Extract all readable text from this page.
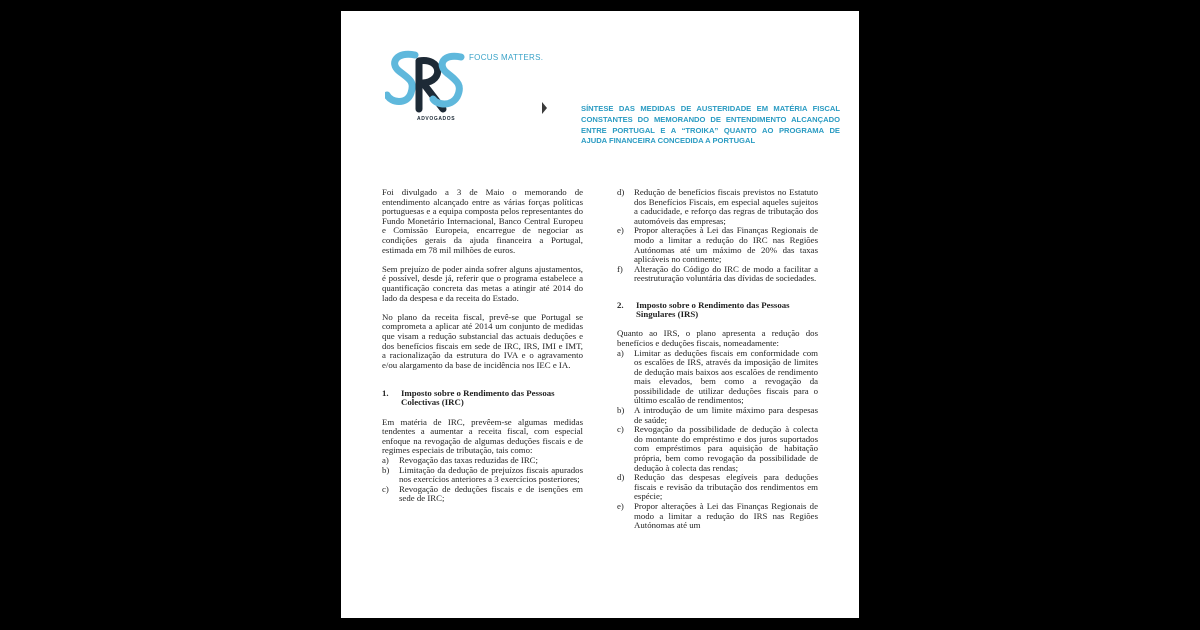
FOCUS MATTERS.
ADVOGADOS

SÍNTESE DAS MEDIDAS DE AUSTERIDADE EM MATÉRIA FISCAL CONSTANTES DO MEMORANDO DE ENTENDIMENTO ALCANÇADO ENTRE PORTUGAL E A “TROIKA” QUANTO AO PROGRAMA DE AJUDA FINANCEIRA CONCEDIDA A PORTUGAL

Foi divulgado a 3 de Maio o memorando de entendimento alcançado entre as várias forças políticas portuguesas e a equipa composta pelos representantes do Fundo Monetário Internacional, Banco Central Europeu e Comissão Europeia, encarregue de negociar as condições gerais da ajuda financeira a Portugal, estimada em 78 mil milhões de euros.

Sem prejuízo de poder ainda sofrer alguns ajustamentos, é possível, desde já, referir que o programa estabelece a quantificação concreta das metas a atingir até 2014 do lado da despesa e da receita do Estado.

No plano da receita fiscal, prevê-se que Portugal se comprometa a aplicar até 2014 um conjunto de medidas que visam a redução substancial das actuais deduções e dos benefícios fiscais em sede de IRC, IRS, IMI e IMT, a racionalização da estrutura do IVA e o agravamento e/ou alargamento da base de incidência nos IEC e IA.

1. Imposto sobre o Rendimento das Pessoas Colectivas (IRC)

Em matéria de IRC, prevêem-se algumas medidas tendentes a aumentar a receita fiscal, com especial enfoque na revogação de algumas deduções fiscais e de regimes especiais de tributação, tais como:

a)	Revogação das taxas reduzidas de IRC;
b)	Limitação da dedução de prejuízos fiscais apurados nos exercícios anteriores a 3 exercícios posteriores;
c)	Revogação de deduções fiscais e de isenções em sede de IRC;
d)	Redução de benefícios fiscais previstos no Estatuto dos Benefícios Fiscais, em especial aqueles sujeitos a caducidade, e reforço das regras de tributação dos automóveis das empresas;
e)	Propor alterações à Lei das Finanças Regionais de modo a limitar a redução do IRC nas Regiões Autónomas até um máximo de 20% das taxas aplicáveis no continente;
f)	Alteração do Código do IRC de modo a facilitar a reestruturação voluntária das dívidas de sociedades.

2. Imposto sobre o Rendimento das Pessoas Singulares (IRS)

Quanto ao IRS, o plano apresenta a redução dos benefícios e deduções fiscais, nomeadamente:

a)	Limitar as deduções fiscais em conformidade com os escalões de IRS, através da imposição de limites de dedução mais baixos aos escalões de rendimento mais elevados, bem como a revogação da possibilidade de utilizar deduções fiscais para o último escalão de rendimentos;
b)	A introdução de um limite máximo para despesas de saúde;
c)	Revogação da possibilidade de dedução à colecta do montante do empréstimo e dos juros suportados com empréstimos para aquisição de habitação própria, bem como revogação da possibilidade de dedução à colecta das rendas;
d)	Redução das despesas elegíveis para deduções fiscais e revisão da tributação dos rendimentos em espécie;
e)	Propor alterações à Lei das Finanças Regionais de modo a limitar a redução do IRS nas Regiões Autónomas até um
